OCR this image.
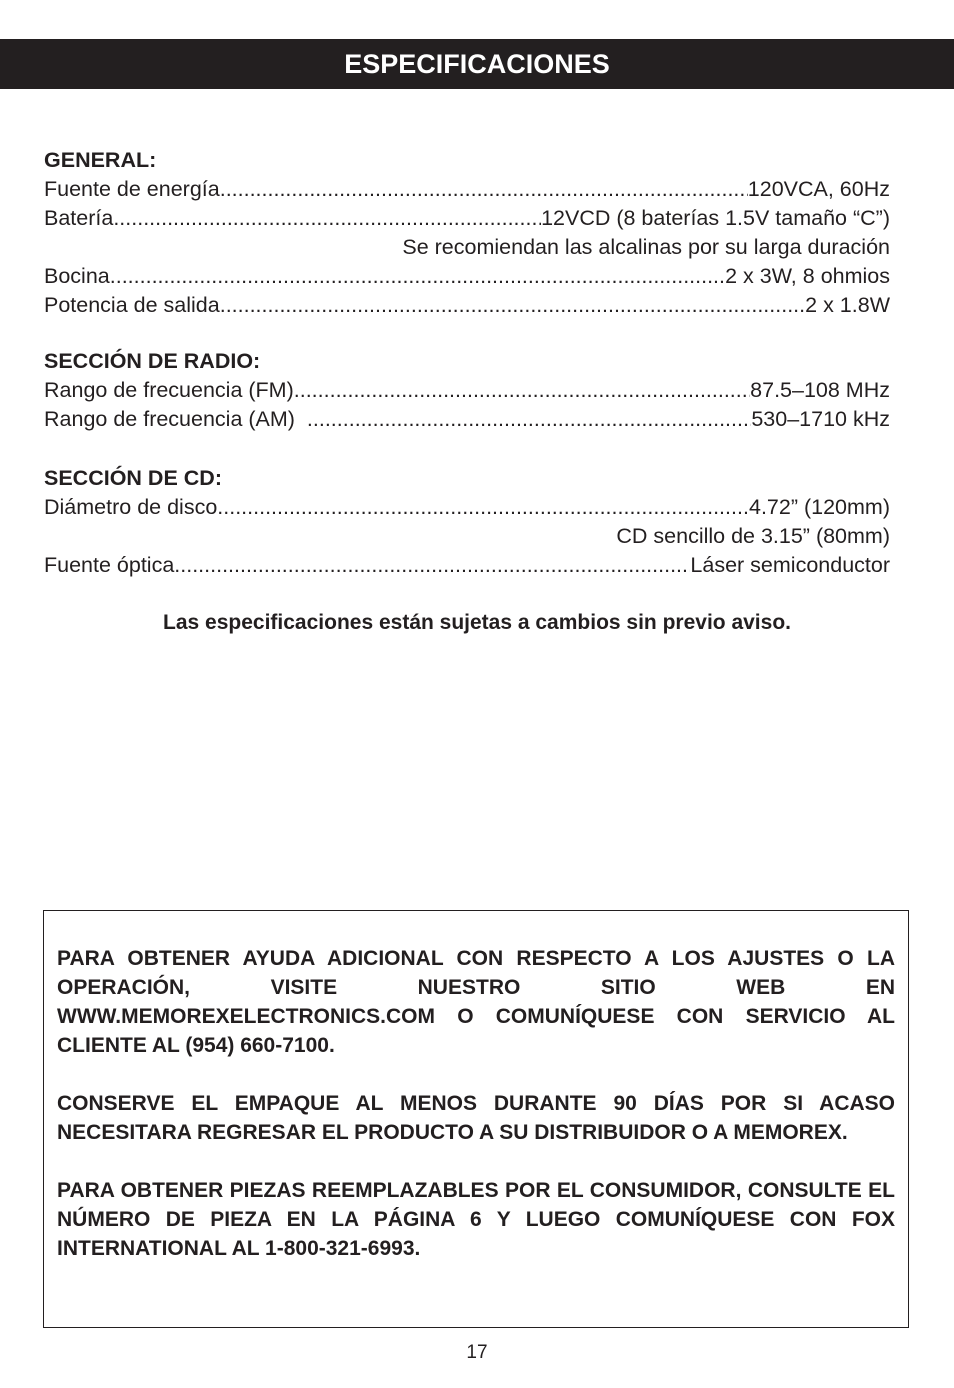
ESPECIFICACIONES
GENERAL:
Fuente de energía .....	120VCA, 60Hz
Batería .....	12VCD (8 baterías 1.5V tamaño “C”)
Se recomiendan las alcalinas por su larga duración
Bocina .....	2 x 3W, 8 ohmios
Potencia de salida .....	2 x 1.8W
SECCIÓN DE RADIO:
Rango de frecuencia (FM) .....	87.5–108 MHz
Rango de frecuencia (AM) .....	530–1710 kHz
SECCIÓN DE CD:
Diámetro de disco .....	4.72” (120mm)
CD sencillo de 3.15” (80mm)
Fuente óptica .....	Láser semiconductor
Las especificaciones están sujetas a cambios sin previo aviso.

PARA OBTENER AYUDA ADICIONAL CON RESPECTO A LOS AJUSTES O LA OPERACIÓN, VISITE NUESTRO SITIO WEB EN WWW.MEMOREXELECTRONICS.COM O COMUNÍQUESE CON SERVICIO AL CLIENTE AL (954) 660-7100.

CONSERVE EL EMPAQUE AL MENOS DURANTE 90 DÍAS POR SI ACASO NECESITARA REGRESAR EL PRODUCTO A SU DISTRIBUIDOR O A MEMOREX.

PARA OBTENER PIEZAS REEMPLAZABLES POR EL CONSUMIDOR, CONSULTE EL NÚMERO DE PIEZA EN LA PÁGINA 6 Y LUEGO COMUNÍQUESE CON FOX INTERNATIONAL AL 1-800-321-6993.

17
